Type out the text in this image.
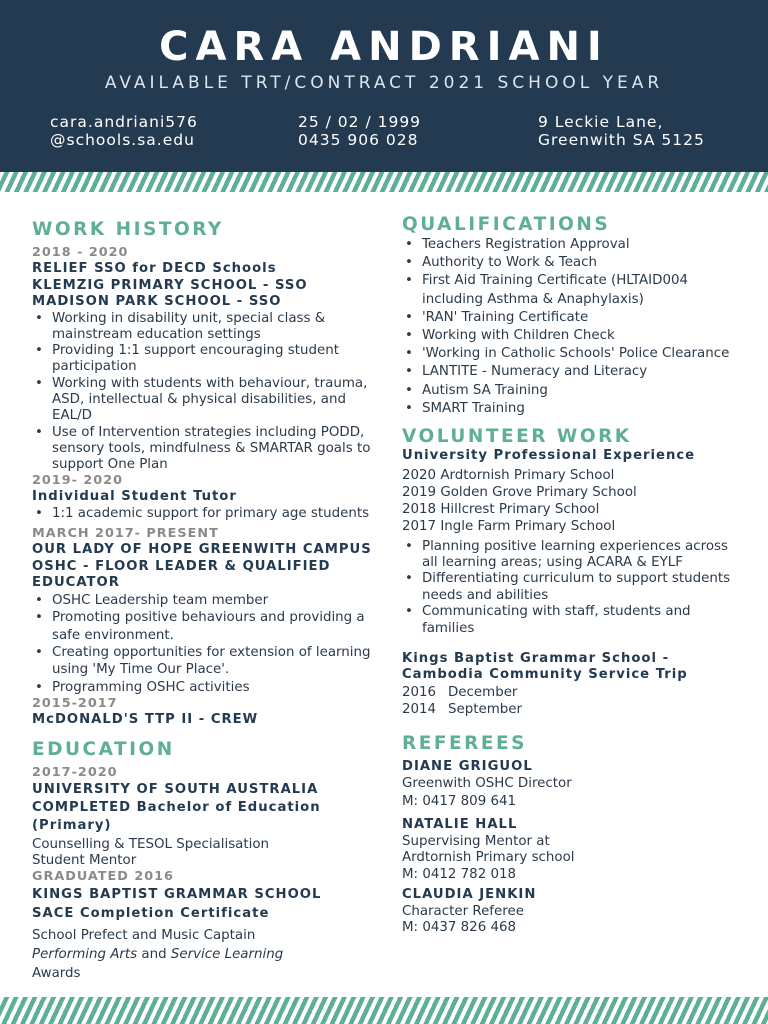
CARA ANDRIANI
AVAILABLE TRT/CONTRACT 2021 SCHOOL YEAR
cara.andriani576
@schools.sa.edu
25 / 02 / 1999
0435 906 028
9 Leckie Lane,
Greenwith SA 5125
WORK HISTORY
2018 - 2020
RELIEF SSO for DECD Schools
KLEMZIG PRIMARY SCHOOL - SSO
MADISON PARK SCHOOL - SSO
• Working in disability unit, special class & mainstream education settings
• Providing 1:1 support encouraging student participation
• Working with students with behaviour, trauma, ASD, intellectual & physical disabilities, and EAL/D
• Use of Intervention strategies including PODD, sensory tools, mindfulness & SMARTAR goals to support One Plan
2019- 2020
Individual Student Tutor
• 1:1 academic support for primary age students
MARCH 2017- PRESENT
OUR LADY OF HOPE GREENWITH CAMPUS OSHC - FLOOR LEADER & QUALIFIED EDUCATOR
• OSHC Leadership team member
• Promoting positive behaviours and providing a safe environment.
• Creating opportunities for extension of learning using 'My Time Our Place'.
• Programming OSHC activities
2015-2017
McDONALD'S TTP II - CREW
EDUCATION
2017-2020
UNIVERSITY OF SOUTH AUSTRALIA
COMPLETED Bachelor of Education (Primary)
Counselling & TESOL Specialisation
Student Mentor
GRADUATED 2016
KINGS BAPTIST GRAMMAR SCHOOL
SACE Completion Certificate
School Prefect and Music Captain
Performing Arts and Service Learning
Awards
QUALIFICATIONS
• Teachers Registration Approval
• Authority to Work & Teach
• First Aid Training Certificate (HLTAID004 including Asthma & Anaphylaxis)
• 'RAN' Training Certificate
• Working with Children Check
• 'Working in Catholic Schools' Police Clearance
• LANTITE - Numeracy and Literacy
• Autism SA Training
• SMART Training
VOLUNTEER WORK
University Professional Experience
2020 Ardtornish Primary School
2019 Golden Grove Primary School
2018 Hillcrest Primary School
2017 Ingle Farm Primary School
• Planning positive learning experiences across all learning areas; using ACARA & EYLF
• Differentiating curriculum to support students needs and abilities
• Communicating with staff, students and families
Kings Baptist Grammar School - Cambodia Community Service Trip
2016 December
2014 September
REFEREES
DIANE GRIGUOL
Greenwith OSHC Director
M: 0417 809 641
NATALIE HALL
Supervising Mentor at Ardtornish Primary school
M: 0412 782 018
CLAUDIA JENKIN
Character Referee
M: 0437 826 468
